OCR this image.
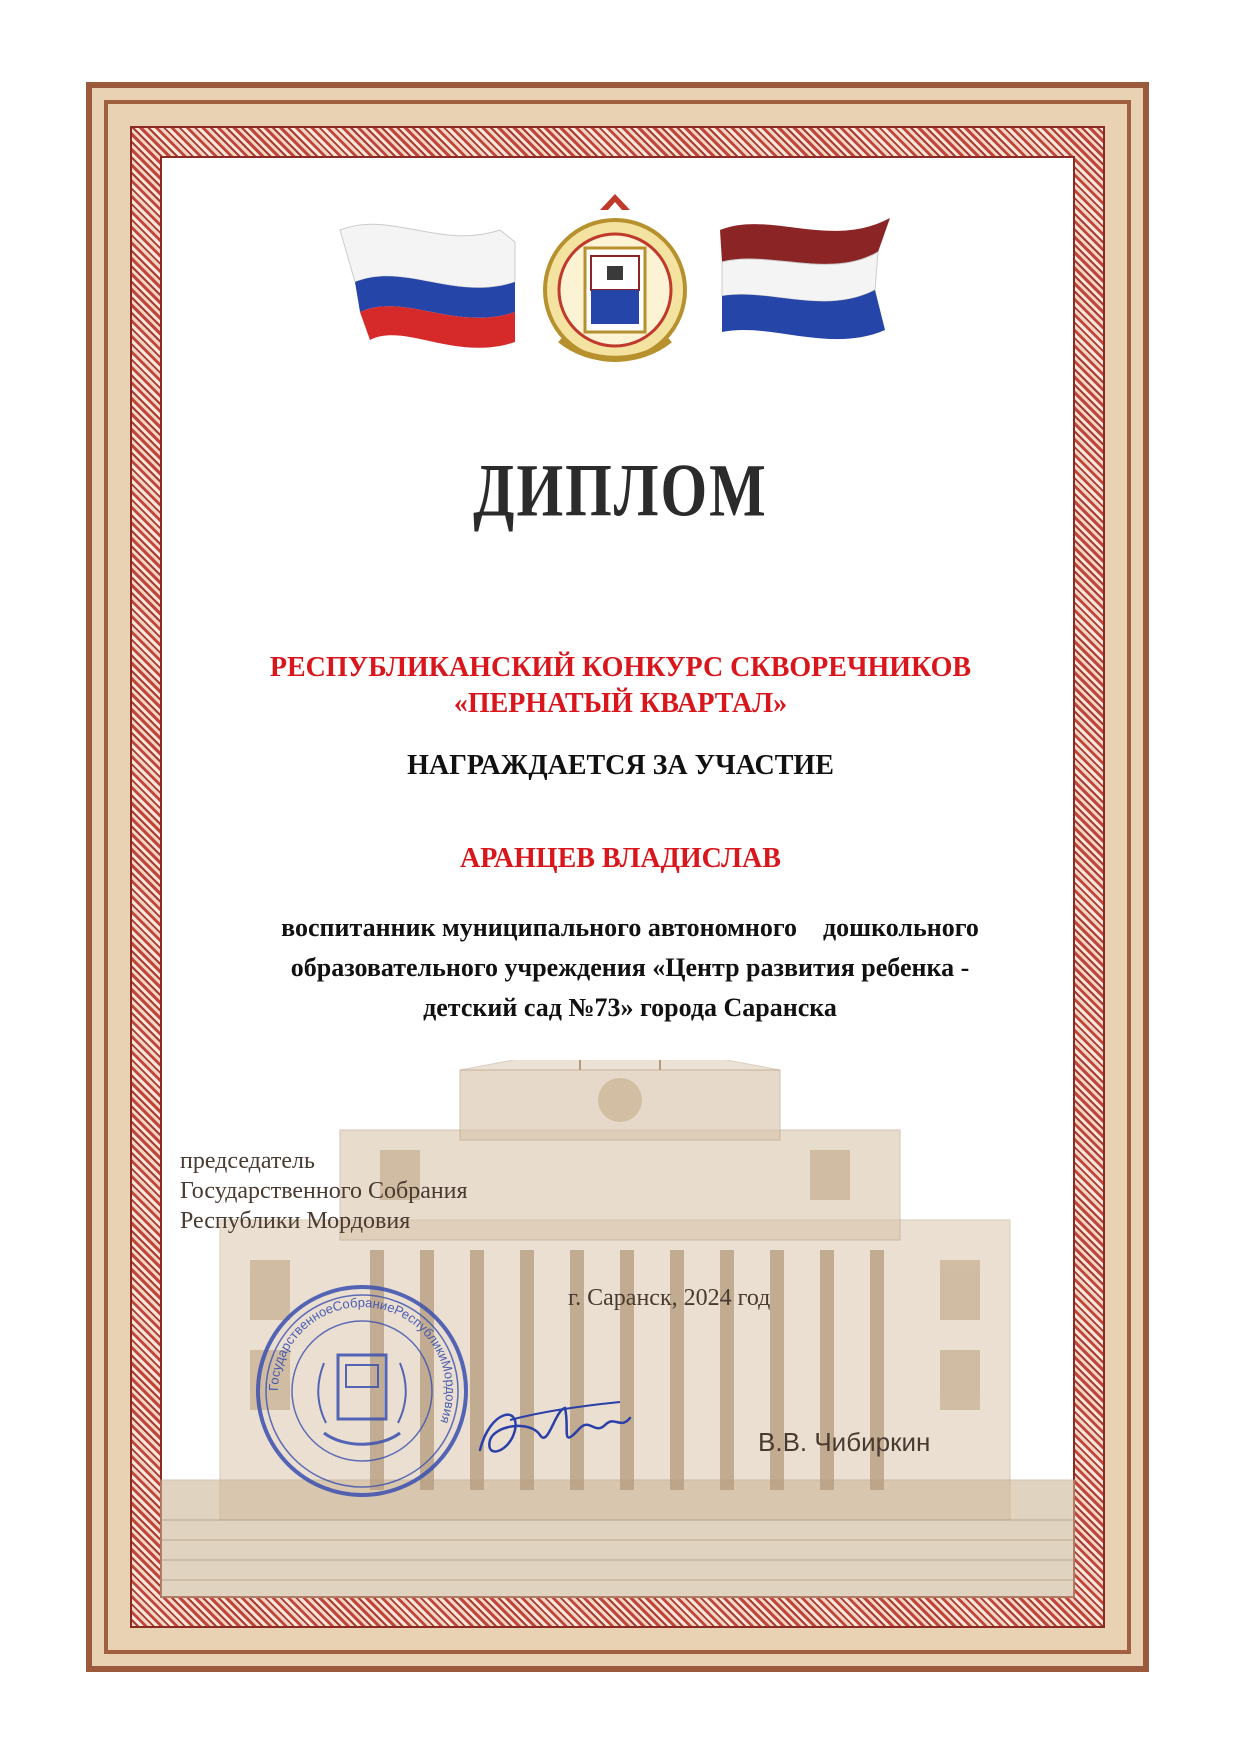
ДИПЛОМ
РЕСПУБЛИКАНСКИЙ КОНКУРС СКВОРЕЧНИКОВ
«ПЕРНАТЫЙ КВАРТАЛ»
НАГРАЖДАЕТСЯ ЗА УЧАСТИЕ
АРАНЦЕВ ВЛАДИСЛАВ
воспитанник муниципального автономного    дошкольного
образовательного учреждения «Центр развития ребенка -
детский сад №73» города Саранска
председатель
Государственного Собрания
Республики Мордовия
г. Саранск, 2024 год
ГосударственноеСобраниеРеспубликиМордовия
В.В. Чибиркин
